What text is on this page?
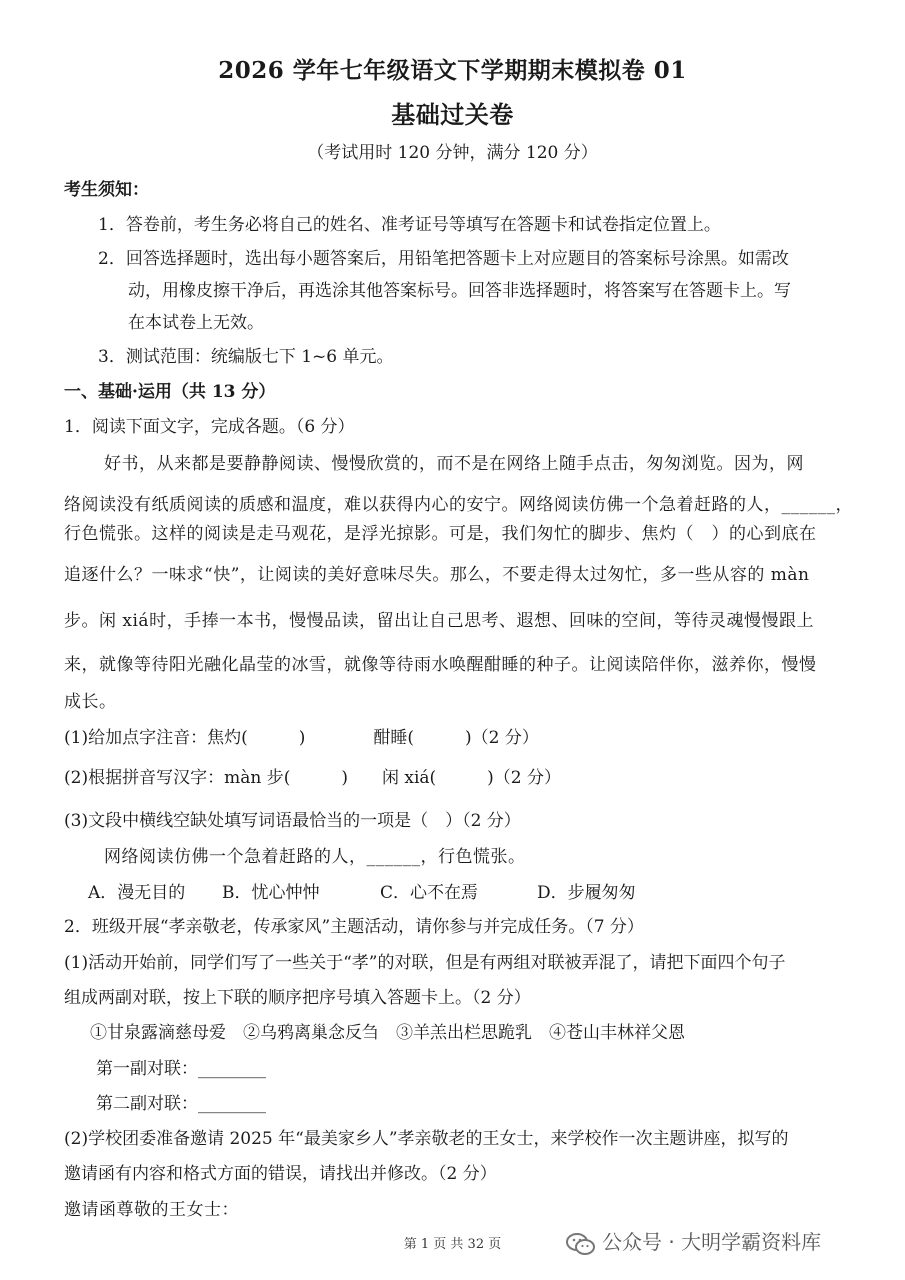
2026 学年七年级语文下学期期末模拟卷 01
基础过关卷
（考试用时 120 分钟，满分 120 分）
考生须知：
1．答卷前，考生务必将自己的姓名、准考证号等填写在答题卡和试卷指定位置上。
2．回答选择题时，选出每小题答案后，用铅笔把答题卡上对应题目的答案标号涂黑。如需改
动，用橡皮擦干净后，再选涂其他答案标号。回答非选择题时，将答案写在答题卡上。写
在本试卷上无效。
3．测试范围：统编版七下 1~6 单元。
一、基础·运用（共 13 分）
1．阅读下面文字，完成各题。（6 分）
好书，从来都是要静静阅读、慢慢欣赏的，而不是在网络上随手点击，匆匆浏览。因为，网
络阅读没有纸质阅读的质感和温度，难以获得内心的安宁。网络阅读仿佛一个急着赶路的人，______，
行色慌张。这样的阅读是走马观花，是浮光掠影。可是，我们匆忙的脚步、焦灼（　）的心到底在
追逐什么？一味求“快”，让阅读的美好意味尽失。那么，不要走得太过匆忙，多一些从容的 màn
步。闲 xiá时，手捧一本书，慢慢品读，留出让自己思考、遐想、回味的空间，等待灵魂慢慢跟上
来，就像等待阳光融化晶莹的冰雪，就像等待雨水唤醒酣睡的种子。让阅读陪伴你，滋养你，慢慢
成长。
(1)给加点字注音：焦灼(　　　)　　　　酣睡(　　　)（2 分）
(2)根据拼音写汉字：màn 步(　　　)　　闲 xiá(　　　)（2 分）
(3)文段中横线空缺处填写词语最恰当的一项是（　）（2 分）
网络阅读仿佛一个急着赶路的人，______，行色慌张。
A．漫无目的 B．忧心忡忡	C．心不在焉	D．步履匆匆
2．班级开展“孝亲敬老，传承家风”主题活动，请你参与并完成任务。（7 分）
(1)活动开始前，同学们写了一些关于“孝”的对联，但是有两组对联被弄混了，请把下面四个句子
组成两副对联，按上下联的顺序把序号填入答题卡上。（2 分）
①甘泉露滴慈母爱　②乌鸦离巢念反刍　③羊羔出栏思跪乳　④苍山丰林祥父恩
第一副对联：________
第二副对联：________
(2)学校团委准备邀请 2025 年“最美家乡人”孝亲敬老的王女士，来学校作一次主题讲座，拟写的
邀请函有内容和格式方面的错误，请找出并修改。（2 分）
邀请函尊敬的王女士：
第 1 页 共 32 页	公众号 · 大明学霸资料库
